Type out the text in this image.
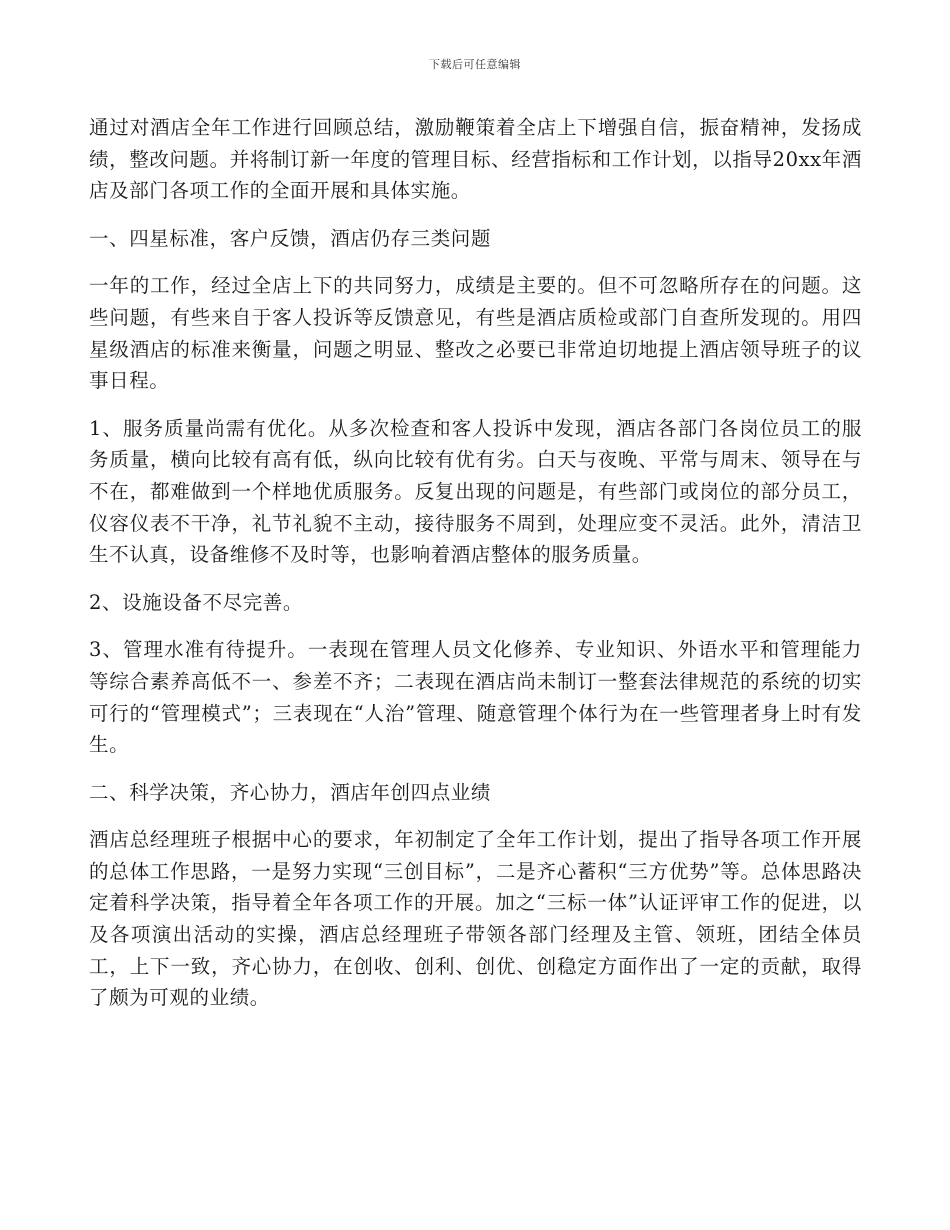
下载后可任意编辑

通过对酒店全年工作进行回顾总结，激励鞭策着全店上下增强自信，振奋精神，发扬成绩，整改问题。并将制订新一年度的管理目标、经营指标和工作计划，以指导20xx年酒店及部门各项工作的全面开展和具体实施。

一、四星标准，客户反馈，酒店仍存三类问题

一年的工作，经过全店上下的共同努力，成绩是主要的。但不可忽略所存在的问题。这些问题，有些来自于客人投诉等反馈意见，有些是酒店质检或部门自查所发现的。用四星级酒店的标准来衡量，问题之明显、整改之必要已非常迫切地提上酒店领导班子的议事日程。

1、服务质量尚需有优化。从多次检查和客人投诉中发现，酒店各部门各岗位员工的服务质量，横向比较有高有低，纵向比较有优有劣。白天与夜晚、平常与周末、领导在与不在，都难做到一个样地优质服务。反复出现的问题是，有些部门或岗位的部分员工，仪容仪表不干净，礼节礼貌不主动，接待服务不周到，处理应变不灵活。此外，清洁卫生不认真，设备维修不及时等，也影响着酒店整体的服务质量。

2、设施设备不尽完善。

3、管理水准有待提升。一表现在管理人员文化修养、专业知识、外语水平和管理能力等综合素养高低不一、参差不齐；二表现在酒店尚未制订一整套法律规范的系统的切实可行的“管理模式”；三表现在“人治”管理、随意管理个体行为在一些管理者身上时有发生。

二、科学决策，齐心协力，酒店年创四点业绩

酒店总经理班子根据中心的要求，年初制定了全年工作计划，提出了指导各项工作开展的总体工作思路，一是努力实现“三创目标”，二是齐心蓄积“三方优势”等。总体思路决定着科学决策，指导着全年各项工作的开展。加之“三标一体”认证评审工作的促进，以及各项演出活动的实操，酒店总经理班子带领各部门经理及主管、领班，团结全体员工，上下一致，齐心协力，在创收、创利、创优、创稳定方面作出了一定的贡献，取得了颇为可观的业绩。
